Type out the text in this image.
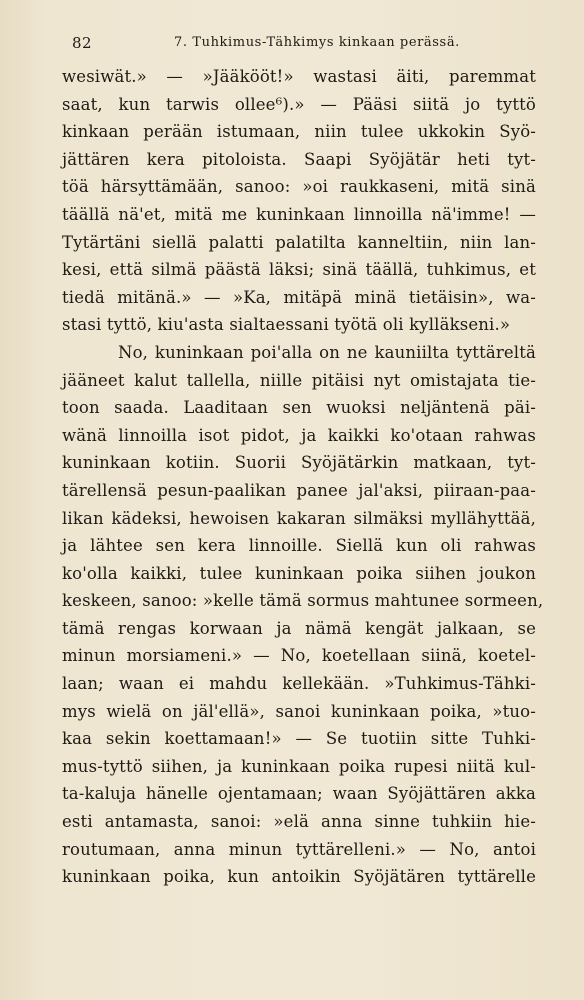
82	7. Tuhkimus-Tähkimys kinkaan perässä.
wesiwät.» — »Jääkööt!» wastasi äiti, paremmat
saat, kun tarwis ollee⁶).» — Pääsi siitä jo tyttö
kinkaan perään istumaan, niin tulee ukkokin Syö-
jättären kera pitoloista. Saapi Syöjätär heti tyt-
töä härsyttämään, sanoo: »oi raukkaseni, mitä sinä
täällä nä'et, mitä me kuninkaan linnoilla nä'imme! —
Tytärtäni siellä palatti palatilta kanneltiin, niin lan-
kesi, että silmä päästä läksi; sinä täällä, tuhkimus, et
tiedä mitänä.» — »Ka, mitäpä minä tietäisin», wa-
stasi tyttö, kiu'asta sialtaessani työtä oli kylläkseni.»
No, kuninkaan poi'alla on ne kauniilta tyttäreltä
jääneet kalut tallella, niille pitäisi nyt omistajata tie-
toon saada. Laaditaan sen wuoksi neljäntenä päi-
wänä linnoilla isot pidot, ja kaikki ko'otaan rahwas
kuninkaan kotiin. Suorii Syöjätärkin matkaan, tyt-
tärellensä pesun-paalikan panee jal'aksi, piiraan-paa-
likan kädeksi, hewoisen kakaran silmäksi myllähyttää,
ja lähtee sen kera linnoille. Siellä kun oli rahwas
ko'olla kaikki, tulee kuninkaan poika siihen joukon
keskeen, sanoo: »kelle tämä sormus mahtunee sormeen,
tämä rengas korwaan ja nämä kengät jalkaan, se
minun morsiameni.» — No, koetellaan siinä, koetel-
laan; waan ei mahdu kellekään. »Tuhkimus-Tähki-
mys wielä on jäl'ellä», sanoi kuninkaan poika, »tuo-
kaa sekin koettamaan!» — Se tuotiin sitte Tuhki-
mus-tyttö siihen, ja kuninkaan poika rupesi niitä kul-
ta-kaluja hänelle ojentamaan; waan Syöjättären akka
esti antamasta, sanoi: »elä anna sinne tuhkiin hie-
routumaan, anna minun tyttärelleni.» — No, antoi
kuninkaan poika, kun antoikin Syöjätären tyttärelle
